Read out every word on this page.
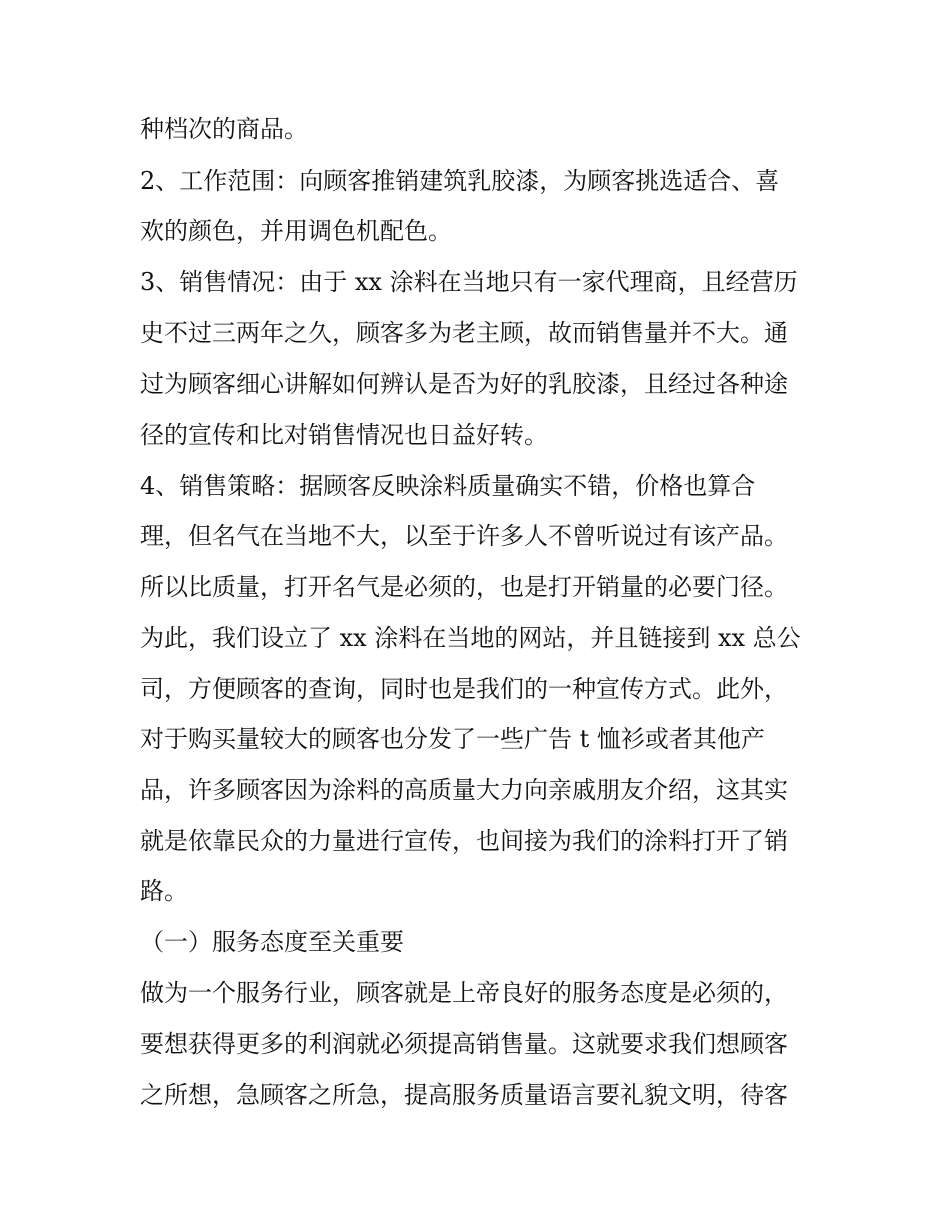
种档次的商品。
2、工作范围：向顾客推销建筑乳胶漆，为顾客挑选适合、喜
欢的颜色，并用调色机配色。
3、销售情况：由于 xx 涂料在当地只有一家代理商，且经营历
史不过三两年之久，顾客多为老主顾，故而销售量并不大。通
过为顾客细心讲解如何辨认是否为好的乳胶漆，且经过各种途
径的宣传和比对销售情况也日益好转。
4、销售策略：据顾客反映涂料质量确实不错，价格也算合
理，但名气在当地不大，以至于许多人不曾听说过有该产品。
所以比质量，打开名气是必须的，也是打开销量的必要门径。
为此，我们设立了 xx 涂料在当地的网站，并且链接到 xx 总公
司，方便顾客的查询，同时也是我们的一种宣传方式。此外，
对于购买量较大的顾客也分发了一些广告 t 恤衫或者其他产
品，许多顾客因为涂料的高质量大力向亲戚朋友介绍，这其实
就是依靠民众的力量进行宣传，也间接为我们的涂料打开了销
路。
（一）服务态度至关重要
做为一个服务行业，顾客就是上帝良好的服务态度是必须的，
要想获得更多的利润就必须提高销售量。这就要求我们想顾客
之所想，急顾客之所急，提高服务质量语言要礼貌文明，待客
